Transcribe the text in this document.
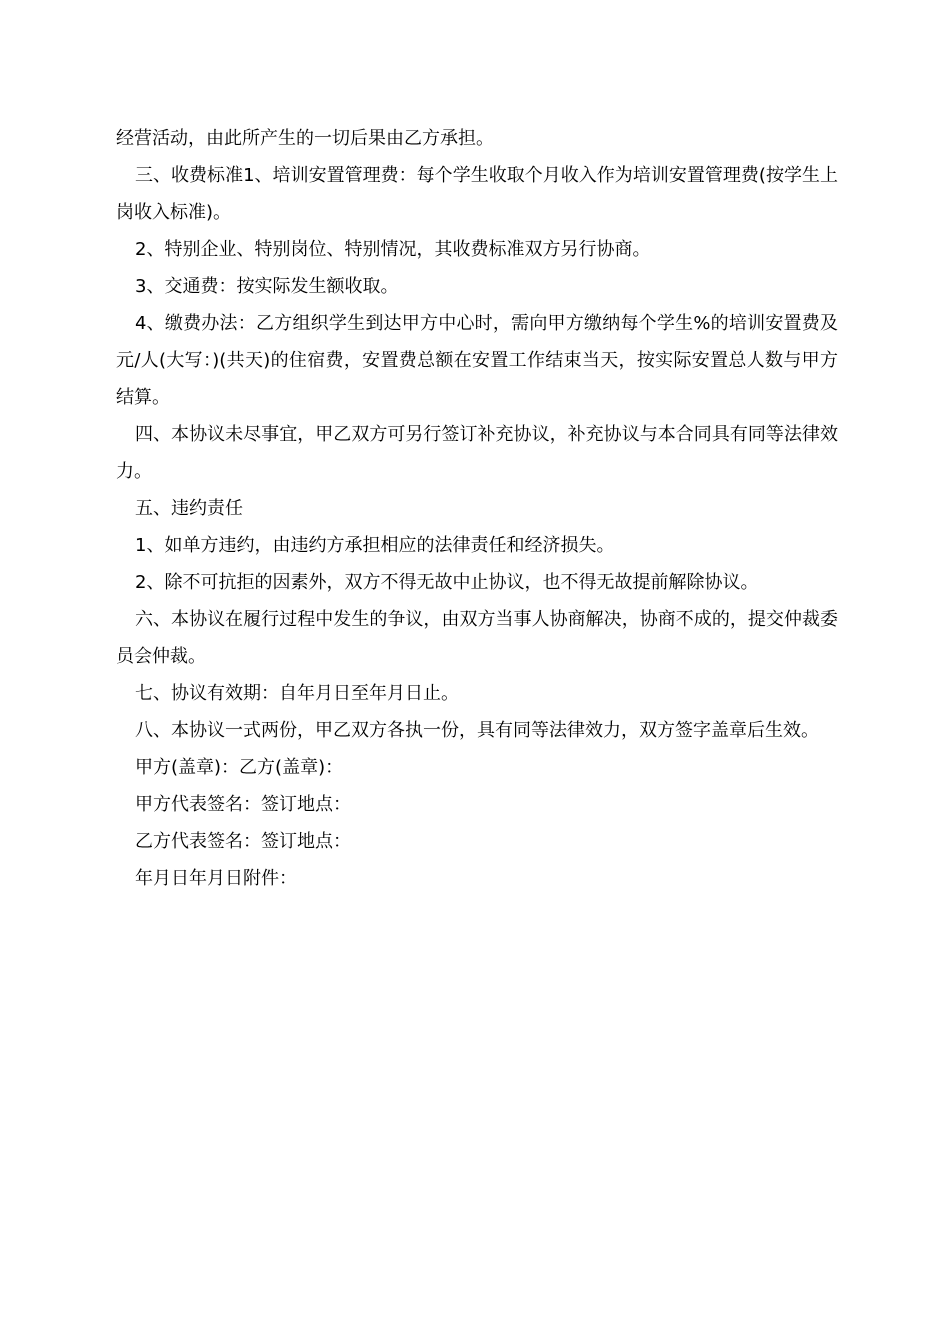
经营活动，由此所产生的一切后果由乙方承担。

三、收费标准1、培训安置管理费：每个学生收取个月收入作为培训安置管理费(按学生上岗收入标准)。

2、特别企业、特别岗位、特别情况，其收费标准双方另行协商。

3、交通费：按实际发生额收取。

4、缴费办法：乙方组织学生到达甲方中心时，需向甲方缴纳每个学生%的培训安置费及元/人(大写：)(共天)的住宿费，安置费总额在安置工作结束当天，按实际安置总人数与甲方结算。

四、本协议未尽事宜，甲乙双方可另行签订补充协议，补充协议与本合同具有同等法律效力。

五、违约责任

1、如单方违约，由违约方承担相应的法律责任和经济损失。

2、除不可抗拒的因素外，双方不得无故中止协议，也不得无故提前解除协议。

六、本协议在履行过程中发生的争议，由双方当事人协商解决，协商不成的，提交仲裁委员会仲裁。

七、协议有效期：自年月日至年月日止。

八、本协议一式两份，甲乙双方各执一份，具有同等法律效力，双方签字盖章后生效。

甲方(盖章)：乙方(盖章)：

甲方代表签名：签订地点：

乙方代表签名：签订地点：

年月日年月日附件：
